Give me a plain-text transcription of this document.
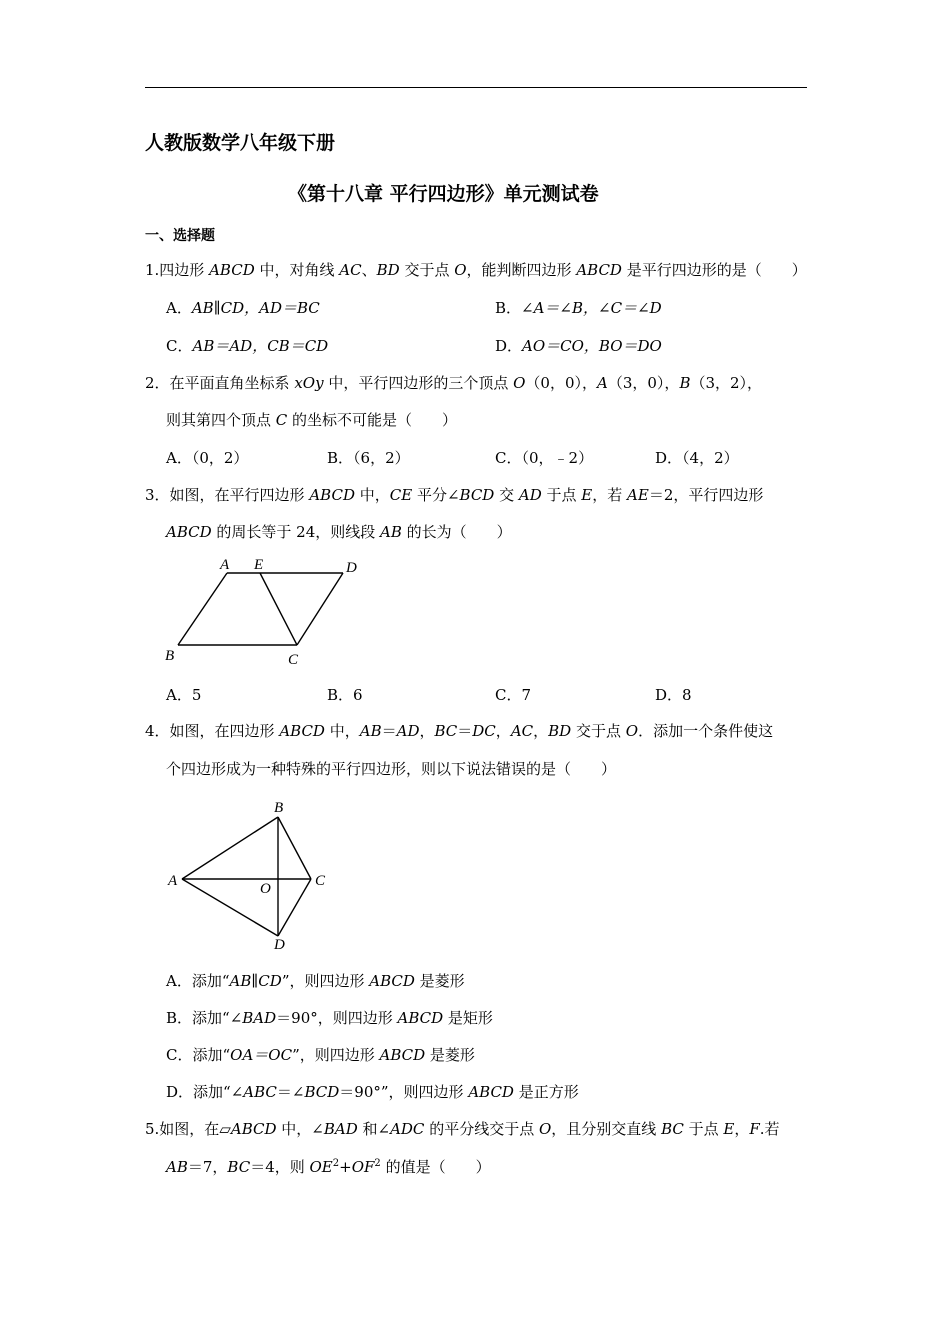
人教版数学八年级下册
《第十八章 平行四边形》单元测试卷
一、选择题
1.四边形 ABCD 中，对角线 AC、BD 交于点 O，能判断四边形 ABCD 是平行四边形的是（　　）
A．AB∥CD，AD＝BC	B．∠A＝∠B，∠C＝∠D
C．AB＝AD，CB＝CD	D．AO＝CO，BO＝DO
2．在平面直角坐标系 xOy 中，平行四边形的三个顶点 O（0，0），A（3，0），B（3，2），
则其第四个顶点 C 的坐标不可能是（　　）
A．（0，2）	B．（6，2）	C．（0，﹣2）	D．（4，2）
3．如图，在平行四边形 ABCD 中，CE 平分∠BCD 交 AD 于点 E，若 AE＝2，平行四边形
ABCD 的周长等于 24，则线段 AB 的长为（　　）
A E	D
B	C
A．5	B．6	C．7	D．8
4．如图，在四边形 ABCD 中，AB＝AD，BC＝DC，AC，BD 交于点 O．添加一个条件使这
个四边形成为一种特殊的平行四边形，则以下说法错误的是（　　）
B
A	O	C
D
A．添加“AB∥CD”，则四边形 ABCD 是菱形
B．添加“∠BAD＝90°，则四边形 ABCD 是矩形
C．添加“OA＝OC”，则四边形 ABCD 是菱形
D．添加“∠ABC＝∠BCD＝90°”，则四边形 ABCD 是正方形
5.如图，在▱ABCD 中，∠BAD 和∠ADC 的平分线交于点 O，且分别交直线 BC 于点 E，F.若
AB＝7，BC＝4，则 $OE^2+OF^2$ 的值是（　　）
